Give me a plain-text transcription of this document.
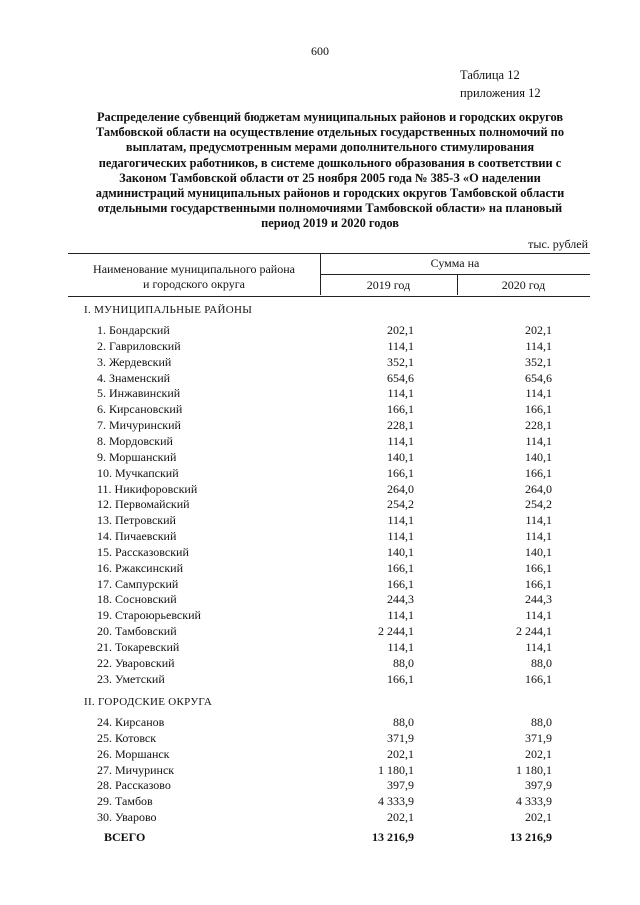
600
Таблица 12
приложения 12
Распределение субвенций бюджетам муниципальных районов и городских округов Тамбовской области на осуществление отдельных государственных полномочий по выплатам, предусмотренным мерами дополнительного стимулирования педагогических работников, в системе дошкольного образования в соответствии с Законом Тамбовской области от 25 ноября 2005 года № 385-З «О наделении администраций муниципальных районов и городских округов Тамбовской области отдельными государственными полномочиями Тамбовской области» на плановый период 2019 и 2020 годов
тыс. рублей
Наименование муниципального района
и городского округа
Сумма на
2019 год	2020 год
I. МУНИЦИПАЛЬНЫЕ РАЙОНЫ
1. Бондарский	202,1	202,1
2. Гавриловский	114,1	114,1
3. Жердевский	352,1	352,1
4. Знаменский	654,6	654,6
5. Инжавинский	114,1	114,1
6. Кирсановский	166,1	166,1
7. Мичуринский	228,1	228,1
8. Мордовский	114,1	114,1
9. Моршанский	140,1	140,1
10. Мучкапский	166,1	166,1
11. Никифоровский	264,0	264,0
12. Первомайский	254,2	254,2
13. Петровский	114,1	114,1
14. Пичаевский	114,1	114,1
15. Рассказовский	140,1	140,1
16. Ржаксинский	166,1	166,1
17. Сампурский	166,1	166,1
18. Сосновский	244,3	244,3
19. Староюрьевский	114,1	114,1
20. Тамбовский	2 244,1	2 244,1
21. Токаревский	114,1	114,1
22. Уваровский	88,0	88,0
23. Уметский	166,1	166,1
II. ГОРОДСКИЕ ОКРУГА
24. Кирсанов	88,0	88,0
25. Котовск	371,9	371,9
26. Моршанск	202,1	202,1
27. Мичуринск	1 180,1	1 180,1
28. Рассказово	397,9	397,9
29. Тамбов	4 333,9	4 333,9
30. Уварово	202,1	202,1
ВСЕГО	13 216,9	13 216,9
